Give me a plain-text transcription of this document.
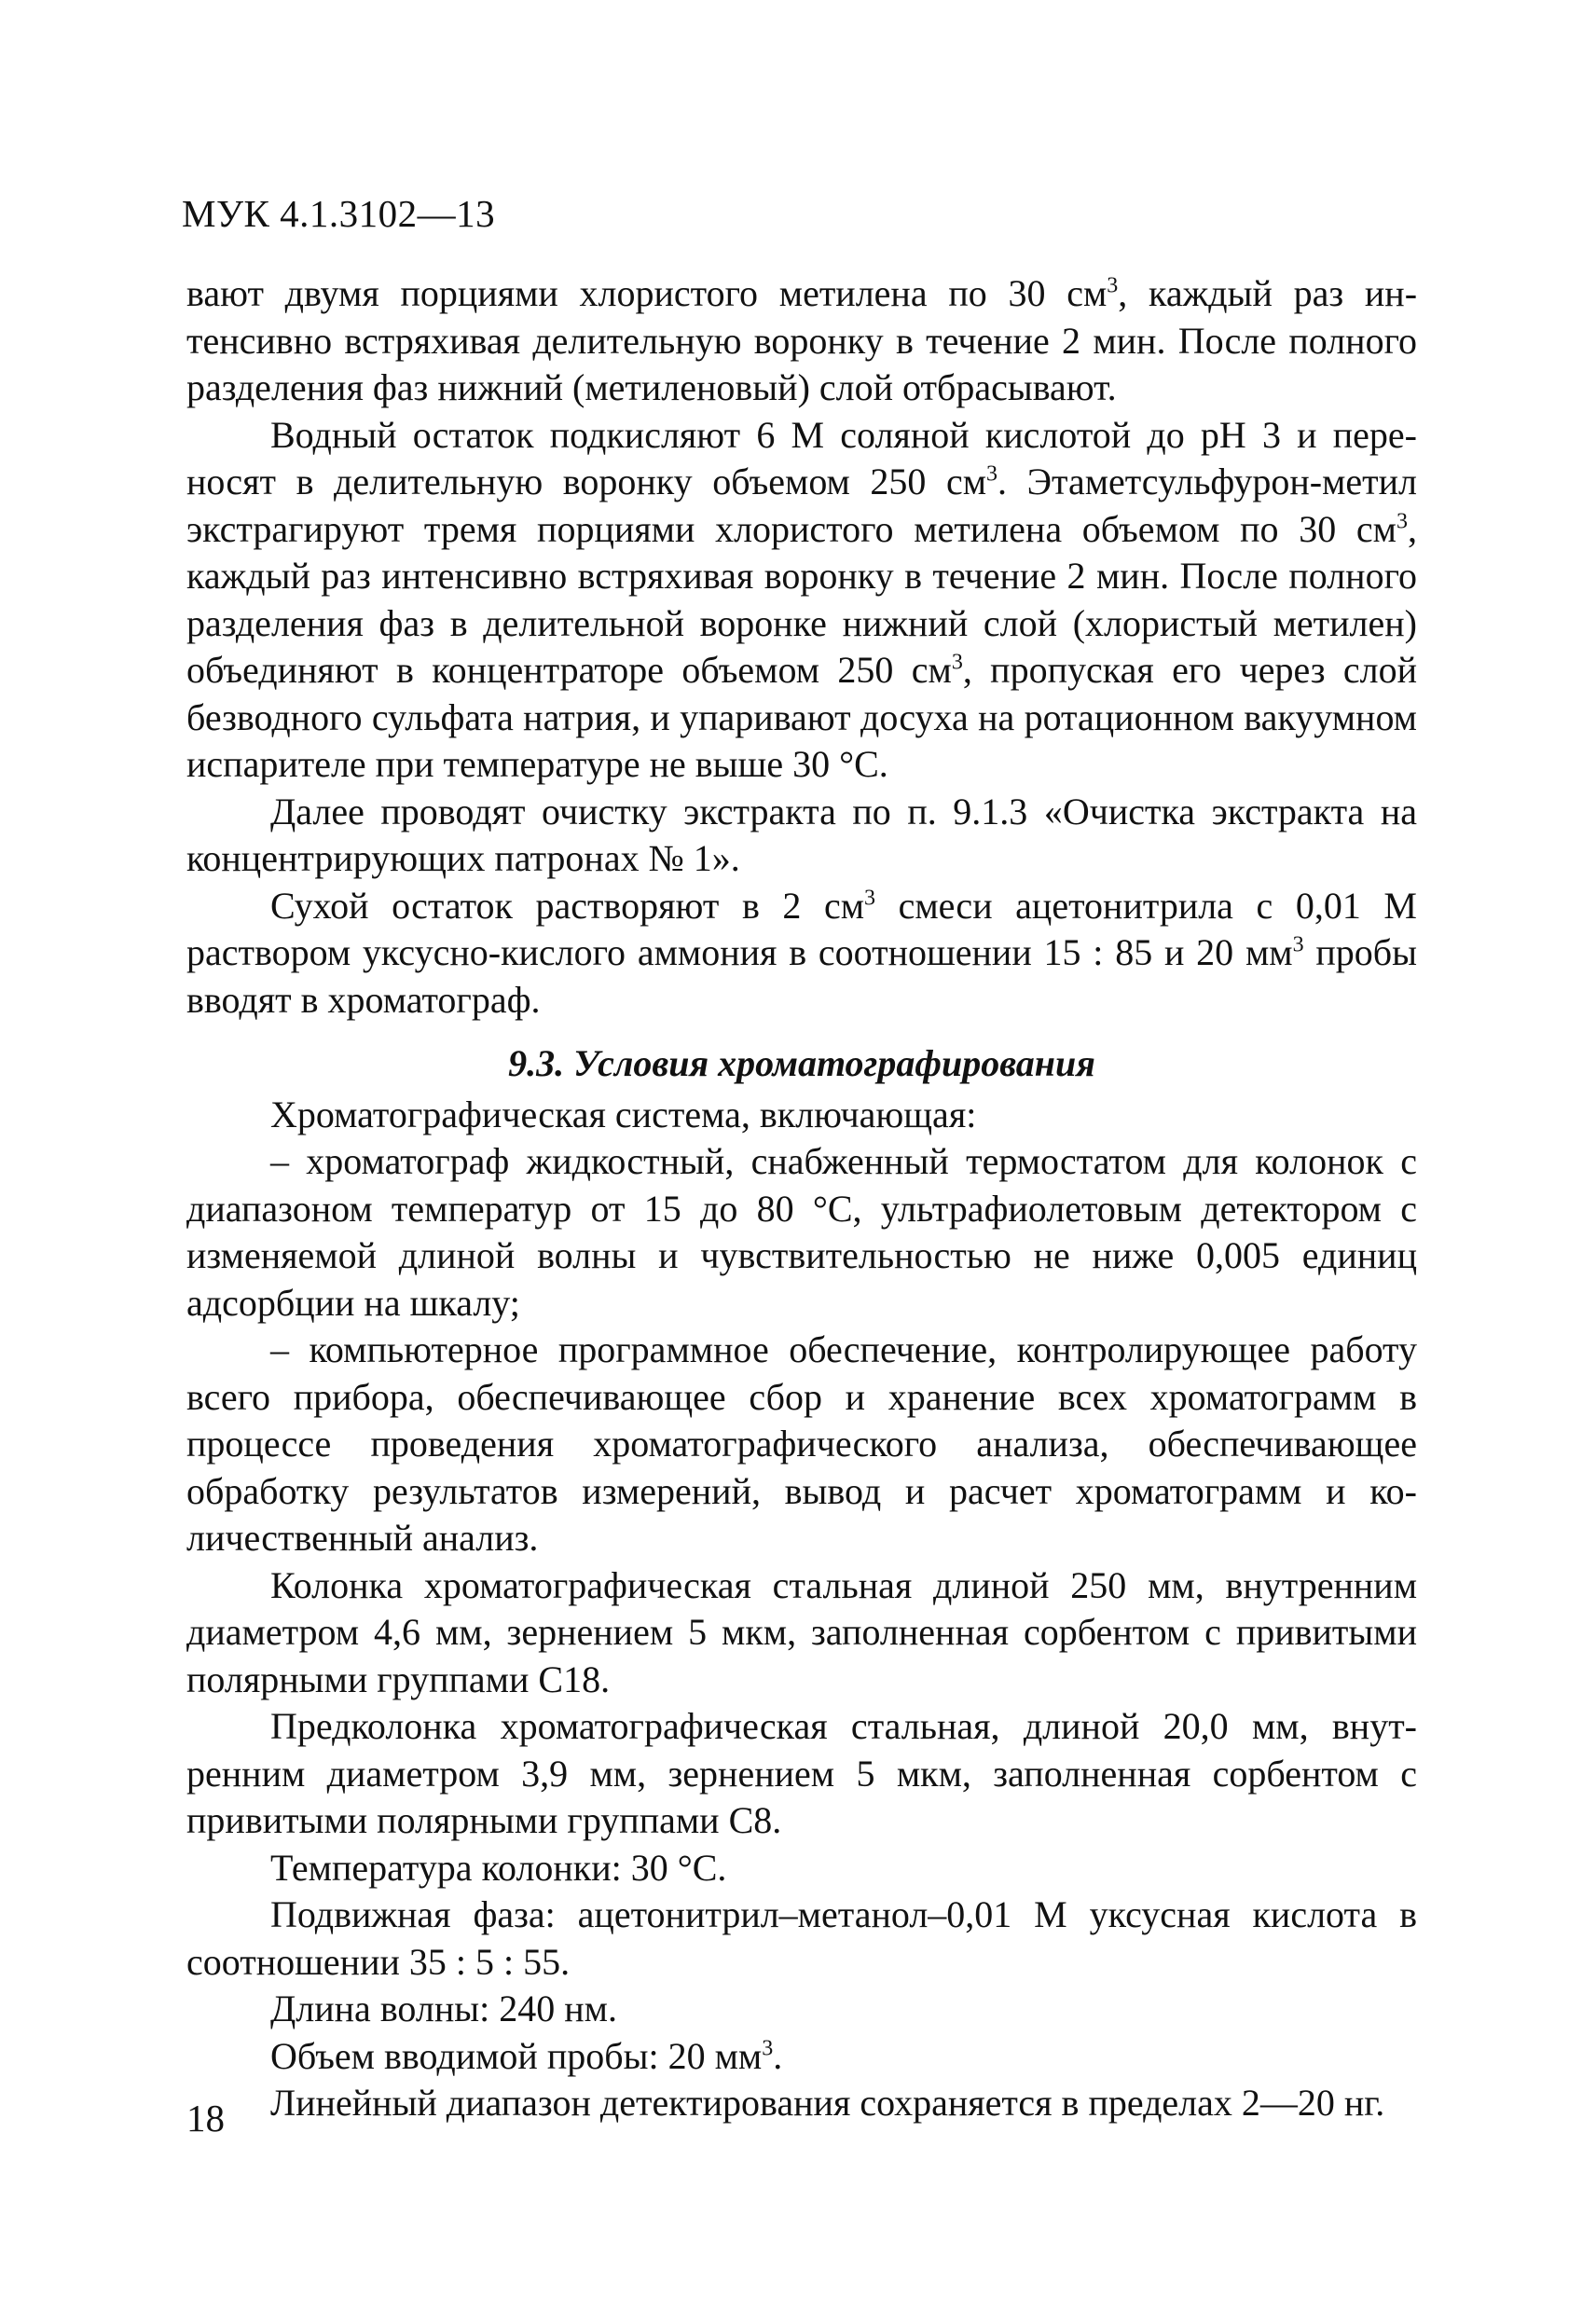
МУК 4.1.3102—13

вают двумя порциями хлористого метилена по 30 $см^3$, каждый раз интенсивно встряхивая делительную воронку в течение 2 мин. После полного разделения фаз нижний (метиленовый) слой отбрасывают.

Водный остаток подкисляют 6 М соляной кислотой до pH 3 и переносят в делительную воронку объемом 250 $см^3$. Этаметсульфурон-метил экстрагируют тремя порциями хлористого метилена объемом по 30 $см^3$, каждый раз интенсивно встряхивая воронку в течение 2 мин. После полного разделения фаз в делительной воронке нижний слой (хлористый метилен) объединяют в концентраторе объемом 250 $см^3$, пропуская его через слой безводного сульфата натрия, и упаривают досуха на ротационном вакуумном испарителе при температуре не выше 30 °С.

Далее проводят очистку экстракта по п. 9.1.3 «Очистка экстракта на концентрирующих патронах № 1».

Сухой остаток растворяют в 2 $см^3$ смеси ацетонитрила с 0,01 М раствором уксусно-кислого аммония в соотношении 15 : 85 и 20 $мм^3$ пробы вводят в хроматограф.

9.3. Условия хроматографирования

Хроматографическая система, включающая:

– хроматограф жидкостный, снабженный термостатом для колонок с диапазоном температур от 15 до 80 °С, ультрафиолетовым детектором с изменяемой длиной волны и чувствительностью не ниже 0,005 единиц адсорбции на шкалу;

– компьютерное программное обеспечение, контролирующее работу всего прибора, обеспечивающее сбор и хранение всех хроматограмм в процессе проведения хроматографического анализа, обеспечивающее обработку результатов измерений, вывод и расчет хроматограмм и количественный анализ.

Колонка хроматографическая стальная длиной 250 мм, внутренним диаметром 4,6 мм, зернением 5 мкм, заполненная сорбентом с привитыми полярными группами С18.

Предколонка хроматографическая стальная, длиной 20,0 мм, внутренним диаметром 3,9 мм, зернением 5 мкм, заполненная сорбентом с привитыми полярными группами С8.

Температура колонки: 30 °С.

Подвижная фаза: ацетонитрил–метанол–0,01 М уксусная кислота в соотношении 35 : 5 : 55.

Длина волны: 240 нм.

Объем вводимой пробы: 20 $мм^3$.

Линейный диапазон детектирования сохраняется в пределах 2—20 нг.

18
